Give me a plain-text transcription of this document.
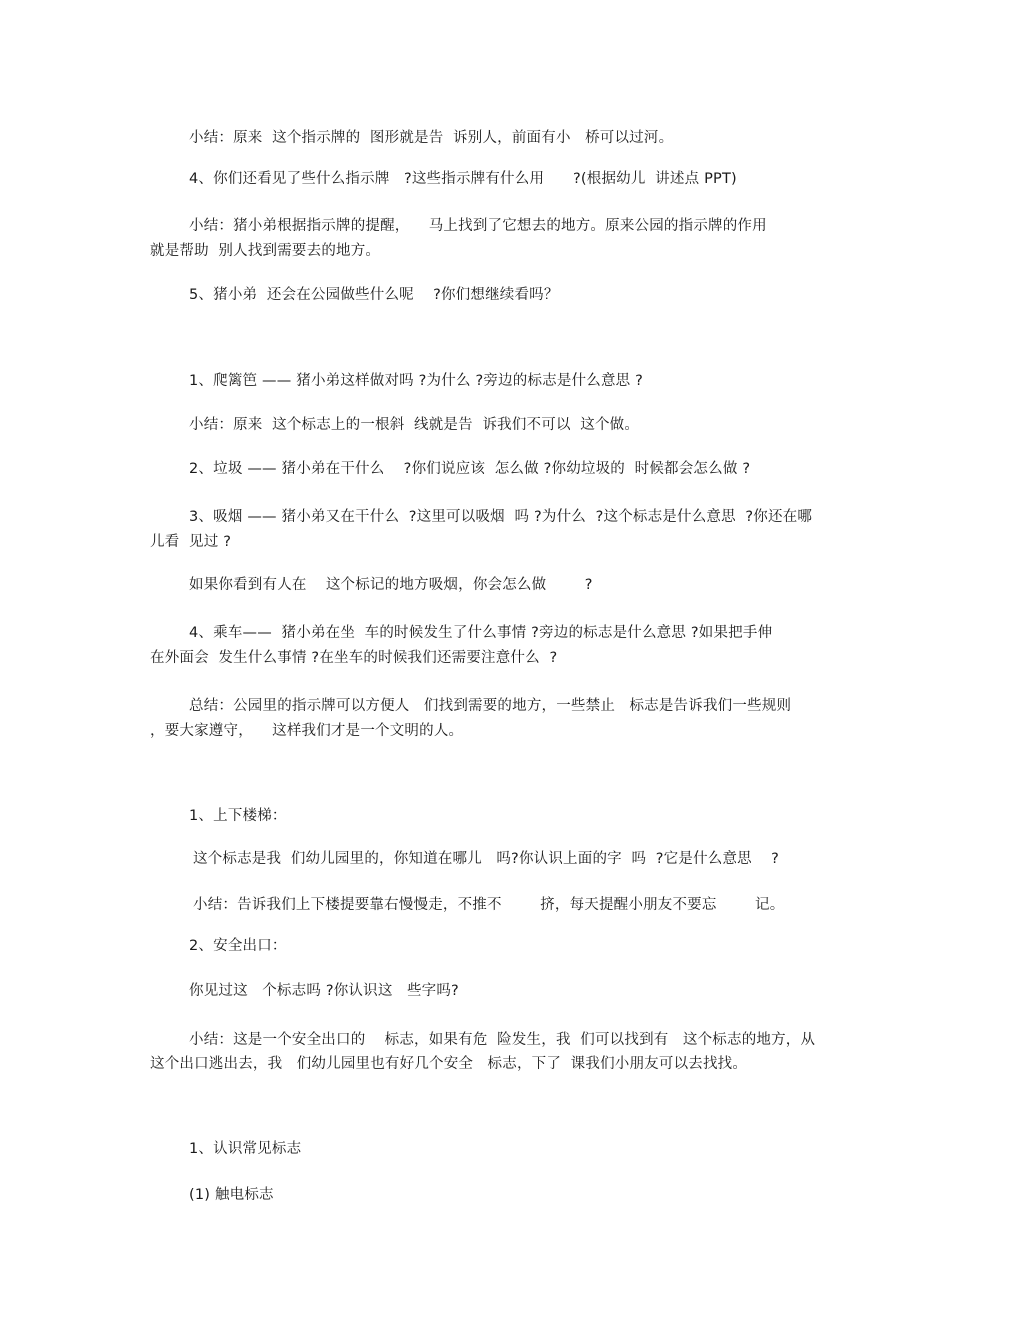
小结：原来  这个指示牌的  图形就是告  诉别人，前面有小   桥可以过河。
4、你们还看见了些什么指示牌   ?这些指示牌有什么用      ?(根据幼儿  讲述点 PPT)
小结：猪小弟根据指示牌的提醒，    马上找到了它想去的地方。原来公园的指示牌的作用
就是帮助  别人找到需要去的地方。
5、猪小弟  还会在公园做些什么呢    ?你们想继续看吗？
1、爬篱笆 —— 猪小弟这样做对吗 ?为什么 ?旁边的标志是什么意思 ?
小结：原来  这个标志上的一根斜  线就是告  诉我们不可以  这个做。
2、垃圾 —— 猪小弟在干什么    ?你们说应该  怎么做 ?你幼垃圾的  时候都会怎么做 ?
3、吸烟 —— 猪小弟又在干什么  ?这里可以吸烟  吗 ?为什么  ?这个标志是什么意思  ?你还在哪
儿看  见过 ?
如果你看到有人在    这个标记的地方吸烟，你会怎么做        ?
4、乘车——  猪小弟在坐  车的时候发生了什么事情 ?旁边的标志是什么意思 ?如果把手伸
在外面会  发生什么事情 ?在坐车的时候我们还需要注意什么  ?
总结：公园里的指示牌可以方便人   们找到需要的地方，一些禁止   标志是告诉我们一些规则
，要大家遵守，    这样我们才是一个文明的人。
1、上下楼梯：
这个标志是我  们幼儿园里的，你知道在哪儿   吗?你认识上面的字  吗  ?它是什么意思    ?
小结：告诉我们上下楼提要靠右慢慢走，不推不        挤，每天提醒小朋友不要忘        记。
2、安全出口：
你见过这   个标志吗 ?你认识这   些字吗?
小结：这是一个安全出口的    标志，如果有危  险发生，我  们可以找到有   这个标志的地方，从
这个出口逃出去，我   们幼儿园里也有好几个安全   标志，下了  课我们小朋友可以去找找。
1、认识常见标志
(1) 触电标志
